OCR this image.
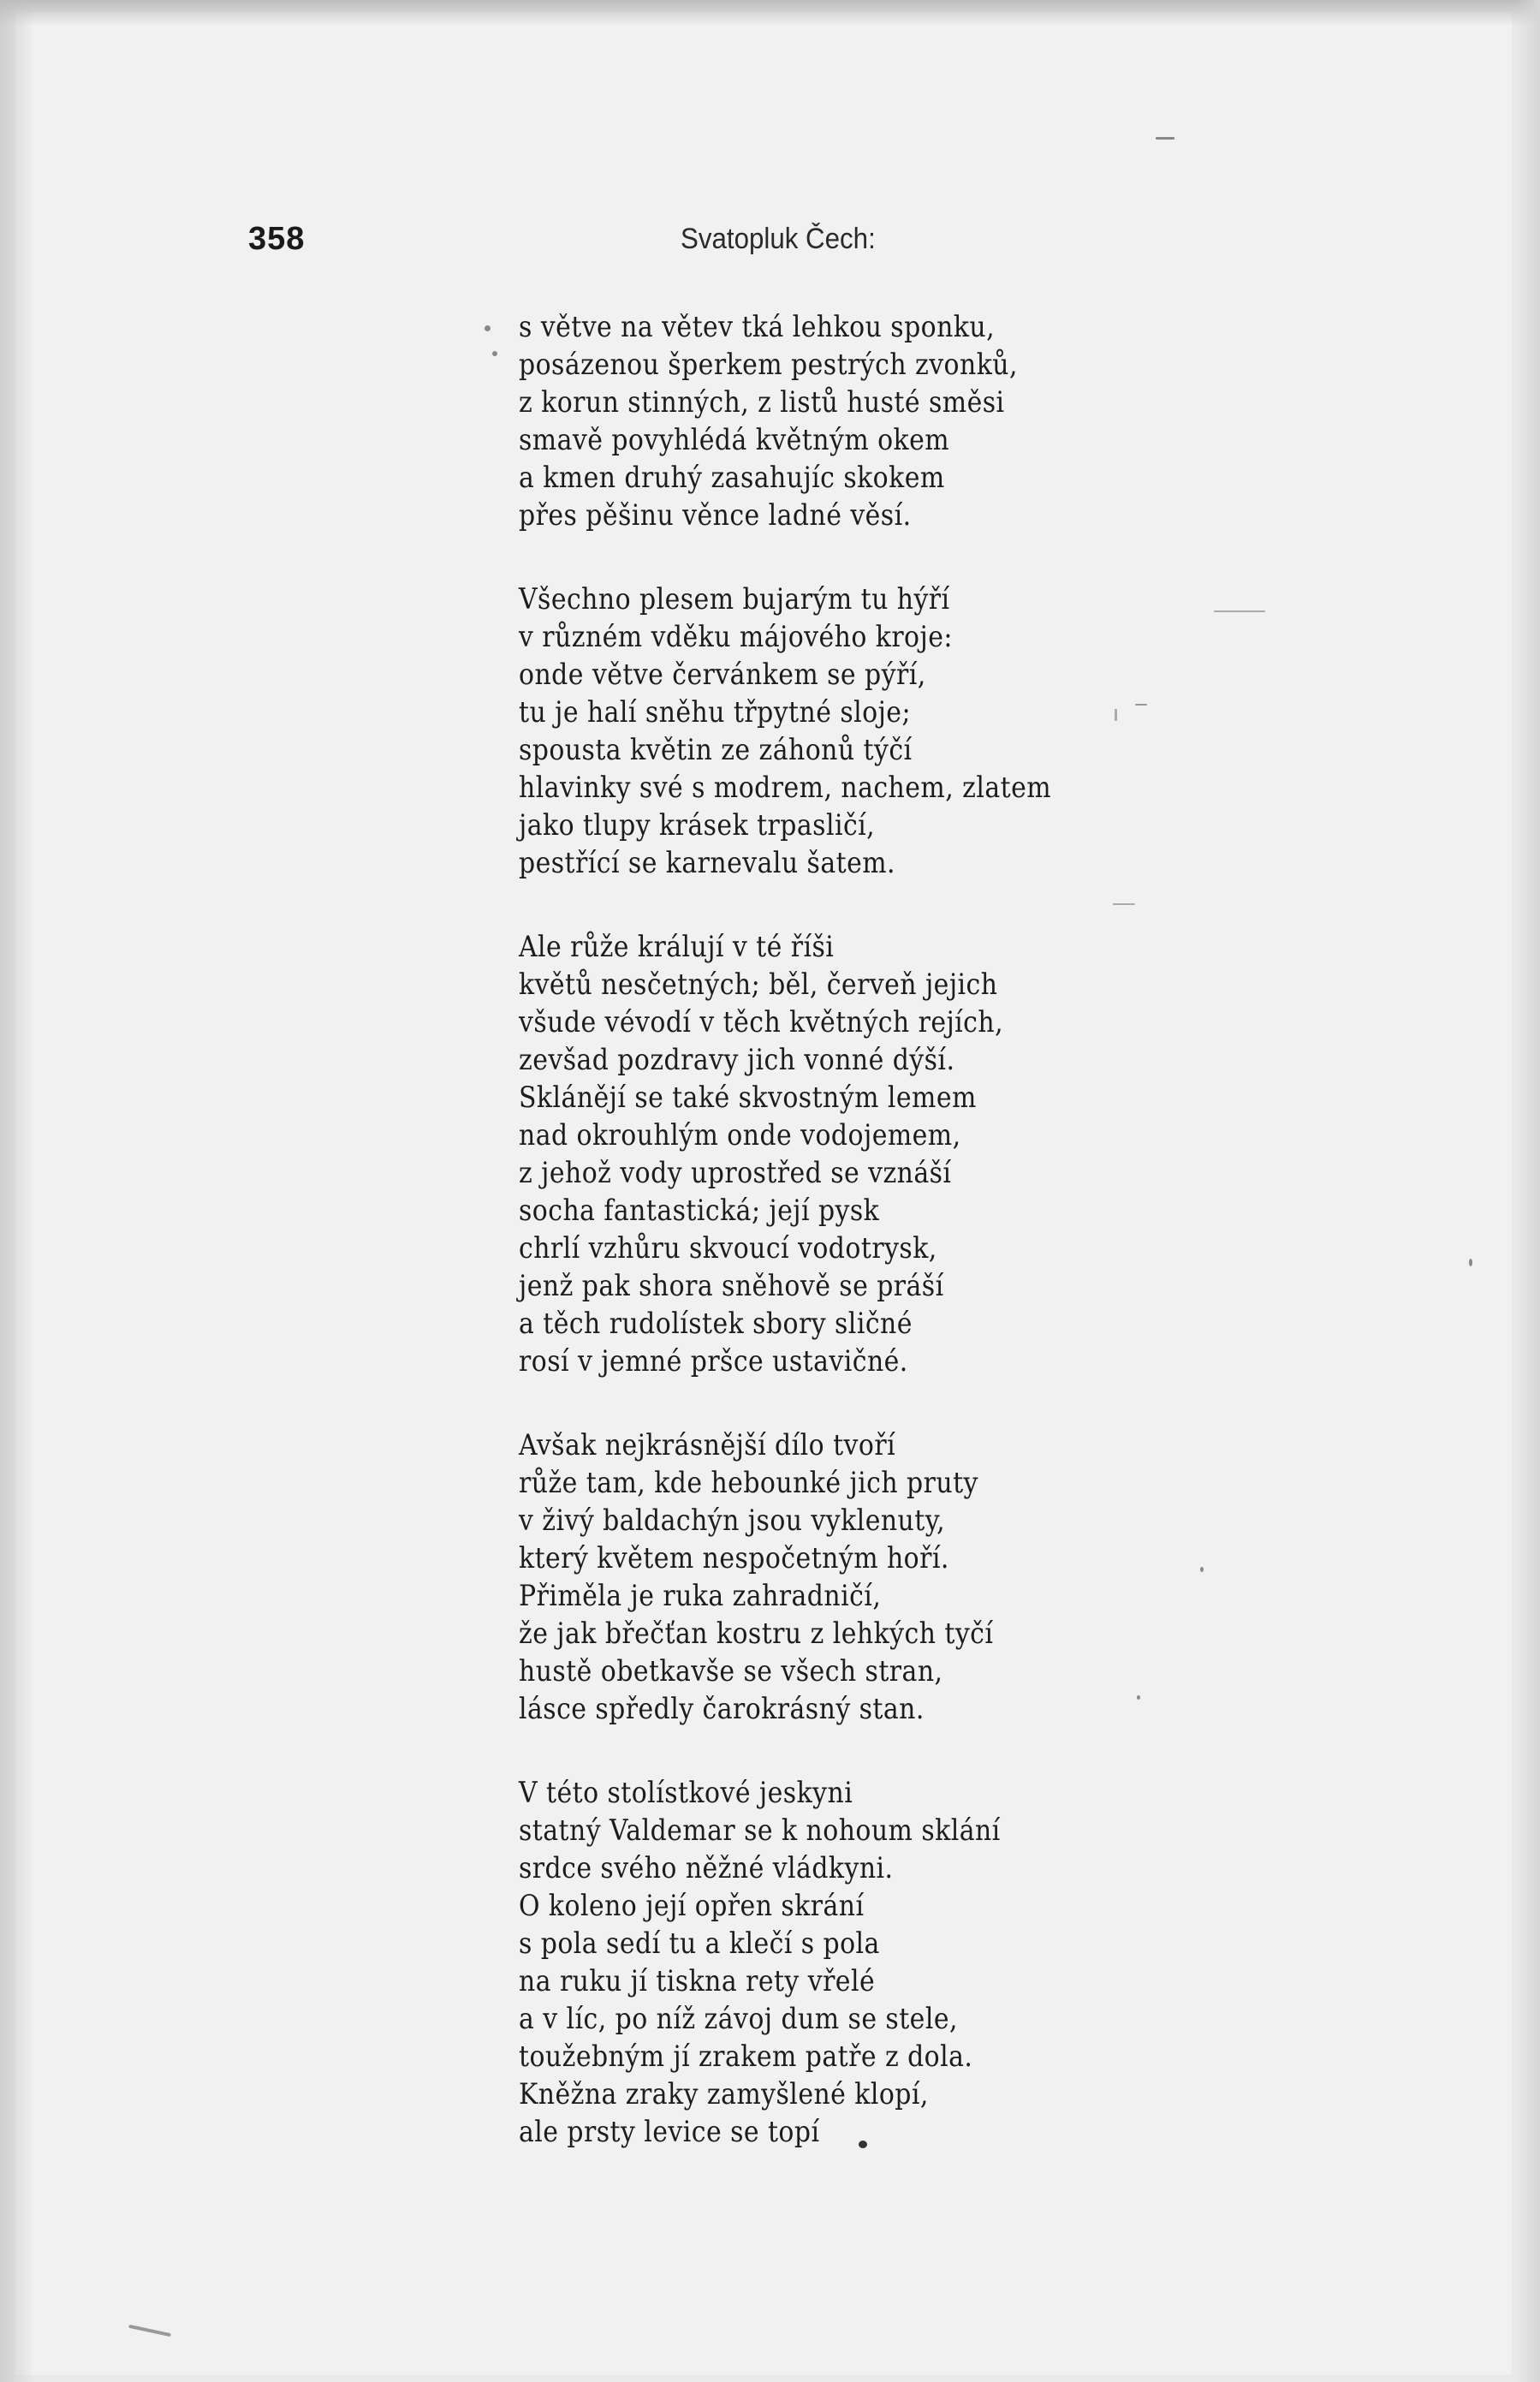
358	Svatopluk Čech:
s větve na větev tká lehkou sponku,
posázenou šperkem pestrých zvonků,
z korun stinných, z listů husté směsi
smavě povyhlédá květným okem
a kmen druhý zasahujíc skokem
přes pěšinu věnce ladné věsí.
Všechno plesem bujarým tu hýří
v různém vděku májového kroje:
onde větve červánkem se pýří,
tu je halí sněhu třpytné sloje;
spousta květin ze záhonů týčí
hlavinky své s modrem, nachem, zlatem
jako tlupy krásek trpasličí,
pestřící se karnevalu šatem.
Ale růže králují v té říši
květů nesčetných; běl, červeň jejich
všude vévodí v těch květných rejích,
zevšad pozdravy jich vonné dýší.
Sklánějí se také skvostným lemem
nad okrouhlým onde vodojemem,
z jehož vody uprostřed se vznáší
socha fantastická; její pysk
chrlí vzhůru skvoucí vodotrysk,
jenž pak shora sněhově se práší
a těch rudolístek sbory sličné
rosí v jemné pršce ustavičné.
Avšak nejkrásnější dílo tvoří
růže tam, kde hebounké jich pruty
v živý baldachýn jsou vyklenuty,
který květem nespočetným hoří.
Přiměla je ruka zahradničí,
že jak břečťan kostru z lehkých tyčí
hustě obetkavše se všech stran,
lásce spředly čarokrásný stan.
V této stolístkové jeskyni
statný Valdemar se k nohoum sklání
srdce svého něžné vládkyni.
O koleno její opřen skrání
s pola sedí tu a klečí s pola
na ruku jí tiskna rety vřelé
a v líc, po níž závoj dum se stele,
toužebným jí zrakem patře z dola.
Kněžna zraky zamyšlené klopí,
ale prsty levice se topí
